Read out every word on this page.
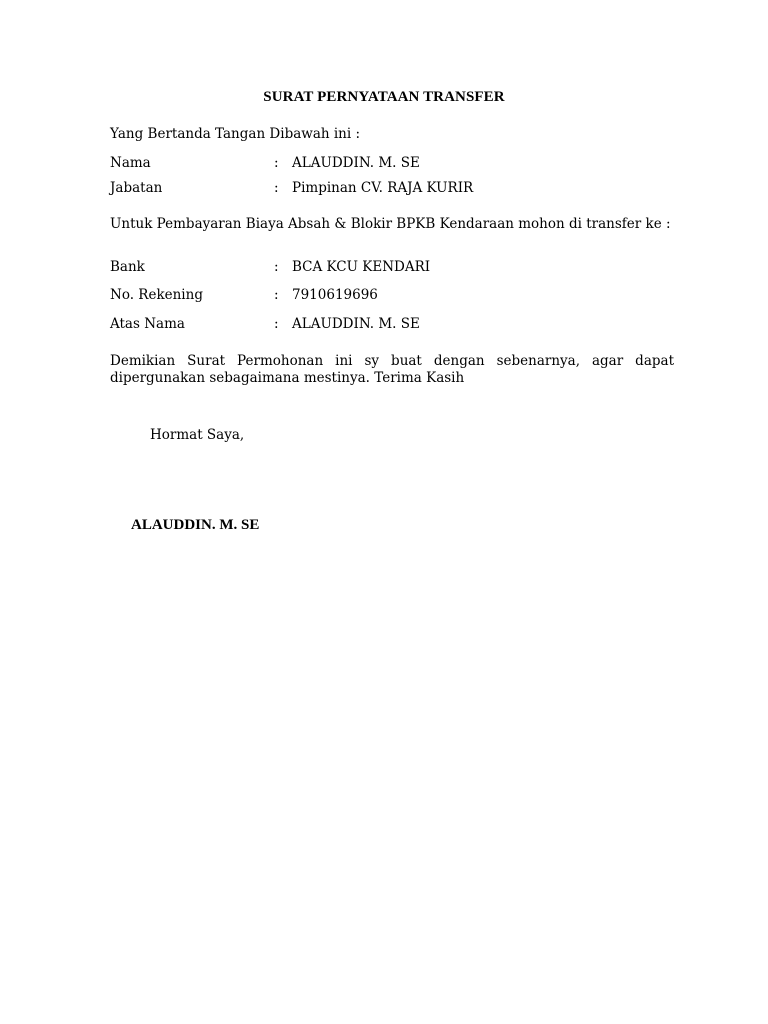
SURAT PERNYATAAN TRANSFER
Yang Bertanda Tangan Dibawah ini :
Nama	: ALAUDDIN. M. SE
Jabatan	: Pimpinan CV. RAJA KURIR
Untuk Pembayaran Biaya Absah & Blokir BPKB Kendaraan mohon di transfer ke :
Bank	: BCA KCU KENDARI
No. Rekening	: 7910619696
Atas Nama	: ALAUDDIN. M. SE
Demikian Surat Permohonan ini sy buat dengan sebenarnya, agar dapat dipergunakan sebagaimana mestinya. Terima Kasih
Hormat Saya,
ALAUDDIN. M. SE
